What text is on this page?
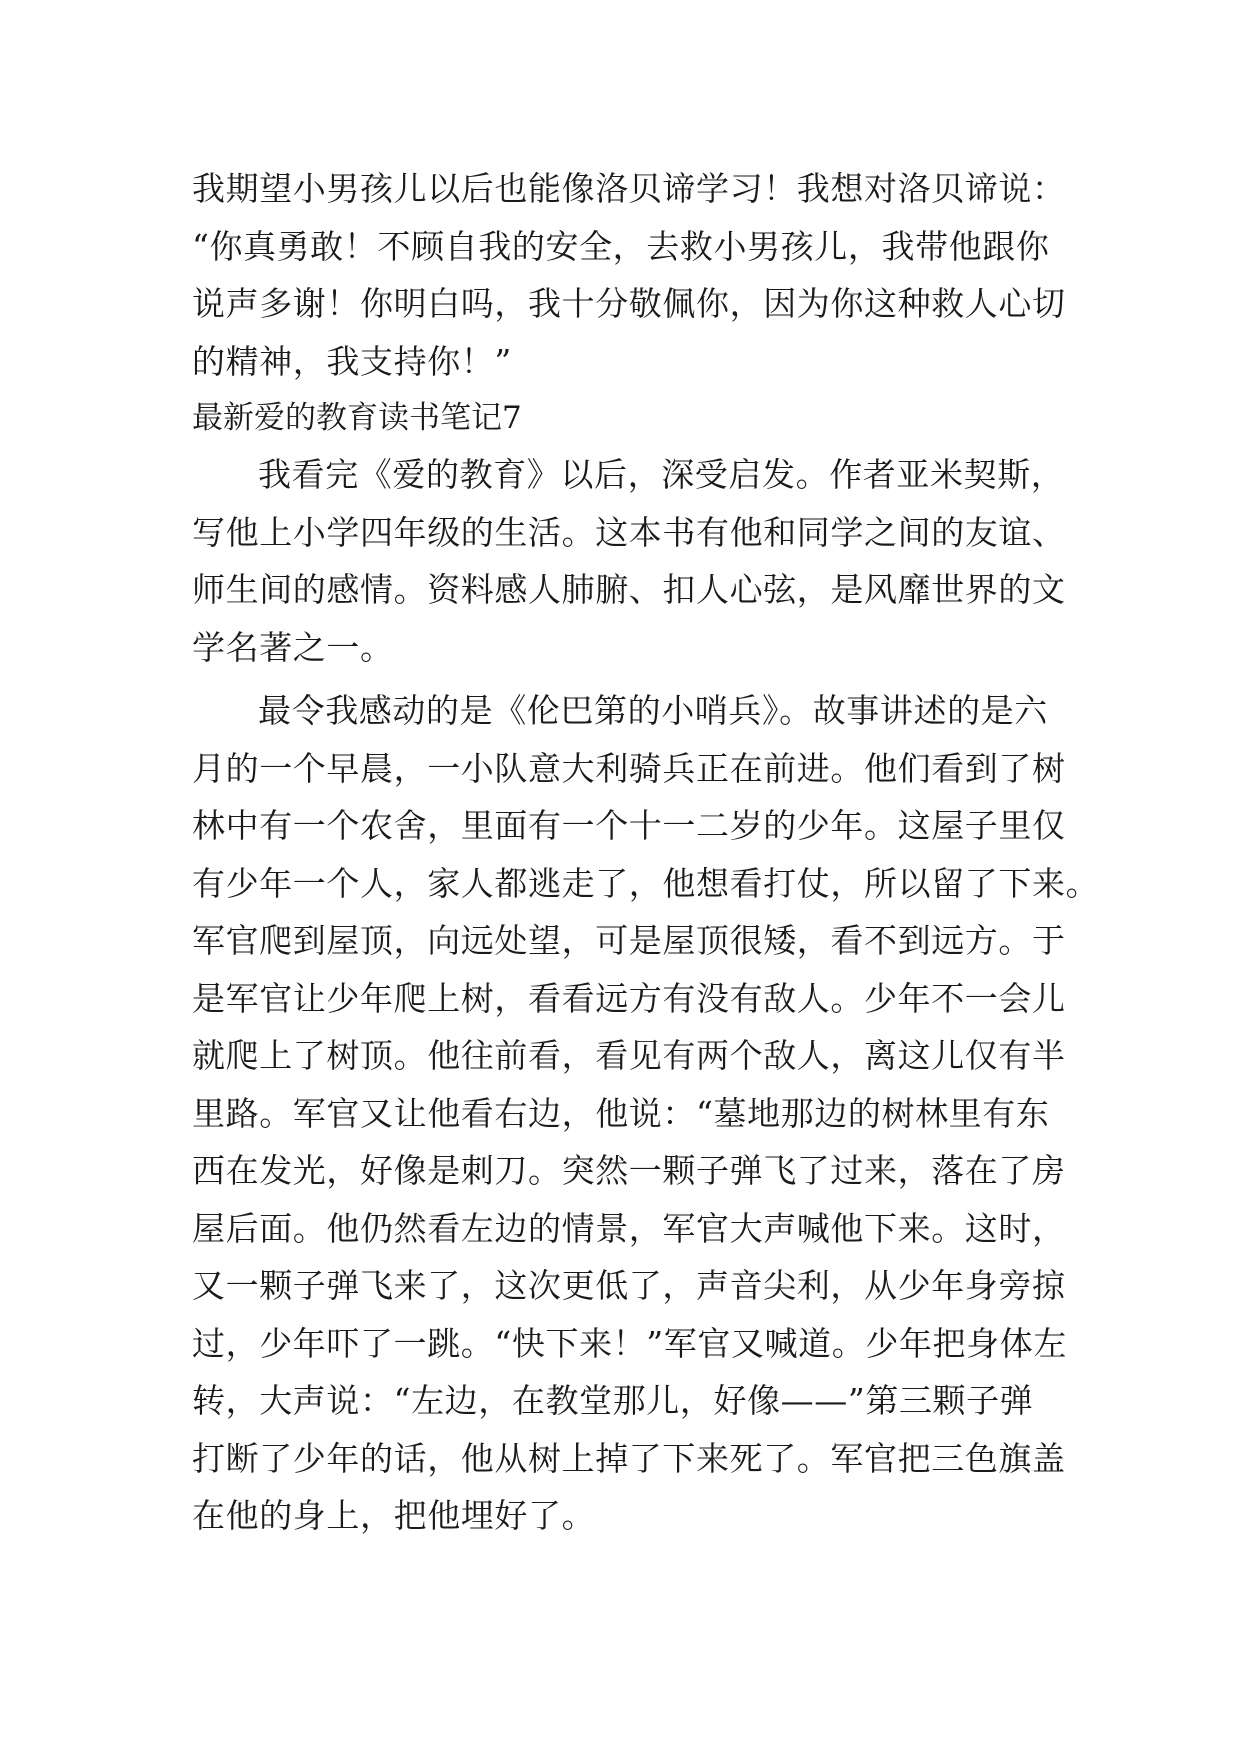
我期望小男孩儿以后也能像洛贝谛学习！我想对洛贝谛说：
“你真勇敢！不顾自我的安全，去救小男孩儿，我带他跟你
说声多谢！你明白吗，我十分敬佩你，因为你这种救人心切
的精神，我支持你！”
最新爱的教育读书笔记7
我看完《爱的教育》以后，深受启发。作者亚米契斯，
写他上小学四年级的生活。这本书有他和同学之间的友谊、
师生间的感情。资料感人肺腑、扣人心弦，是风靡世界的文
学名著之一。
最令我感动的是《伦巴第的小哨兵》。故事讲述的是六
月的一个早晨，一小队意大利骑兵正在前进。他们看到了树
林中有一个农舍，里面有一个十一二岁的少年。这屋子里仅
有少年一个人，家人都逃走了，他想看打仗，所以留了下来。
军官爬到屋顶，向远处望，可是屋顶很矮，看不到远方。于
是军官让少年爬上树，看看远方有没有敌人。少年不一会儿
就爬上了树顶。他往前看，看见有两个敌人，离这儿仅有半
里路。军官又让他看右边，他说：“墓地那边的树林里有东
西在发光，好像是刺刀。突然一颗子弹飞了过来，落在了房
屋后面。他仍然看左边的情景，军官大声喊他下来。这时，
又一颗子弹飞来了，这次更低了，声音尖利，从少年身旁掠
过，少年吓了一跳。“快下来！”军官又喊道。少年把身体左
转，大声说：“左边，在教堂那儿，好像——”第三颗子弹
打断了少年的话，他从树上掉了下来死了。军官把三色旗盖
在他的身上，把他埋好了。
